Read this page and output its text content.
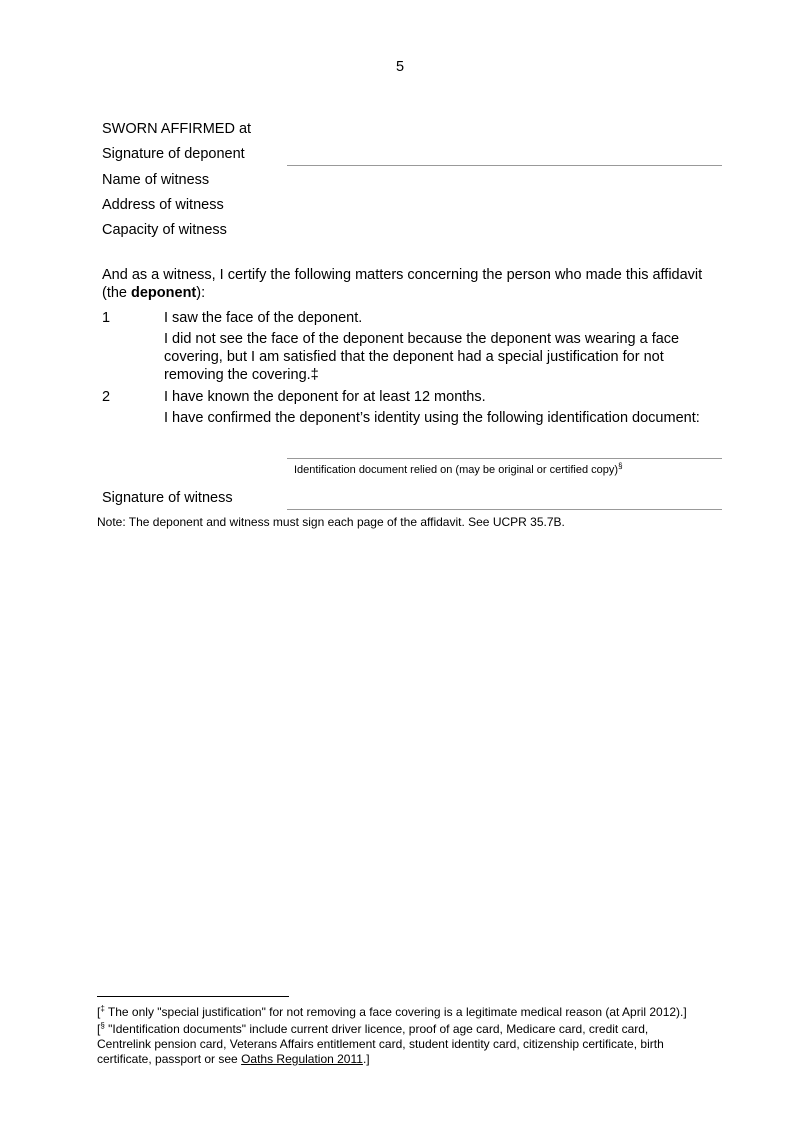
5
SWORN AFFIRMED at
Signature of deponent
Name of witness
Address of witness
Capacity of witness
And as a witness, I certify the following matters concerning the person who made this affidavit (the deponent):
1	I saw the face of the deponent.
I did not see the face of the deponent because the deponent was wearing a face covering, but I am satisfied that the deponent had a special justification for not removing the covering.‡
2	I have known the deponent for at least 12 months.
I have confirmed the deponent’s identity using the following identification document:
Identification document relied on (may be original or certified copy)§
Signature of witness
Note: The deponent and witness must sign each page of the affidavit. See UCPR 35.7B.
[‡ The only "special justification" for not removing a face covering is a legitimate medical reason (at April 2012).]
[§ "Identification documents" include current driver licence, proof of age card, Medicare card, credit card, Centrelink pension card, Veterans Affairs entitlement card, student identity card, citizenship certificate, birth certificate, passport or see Oaths Regulation 2011.]
